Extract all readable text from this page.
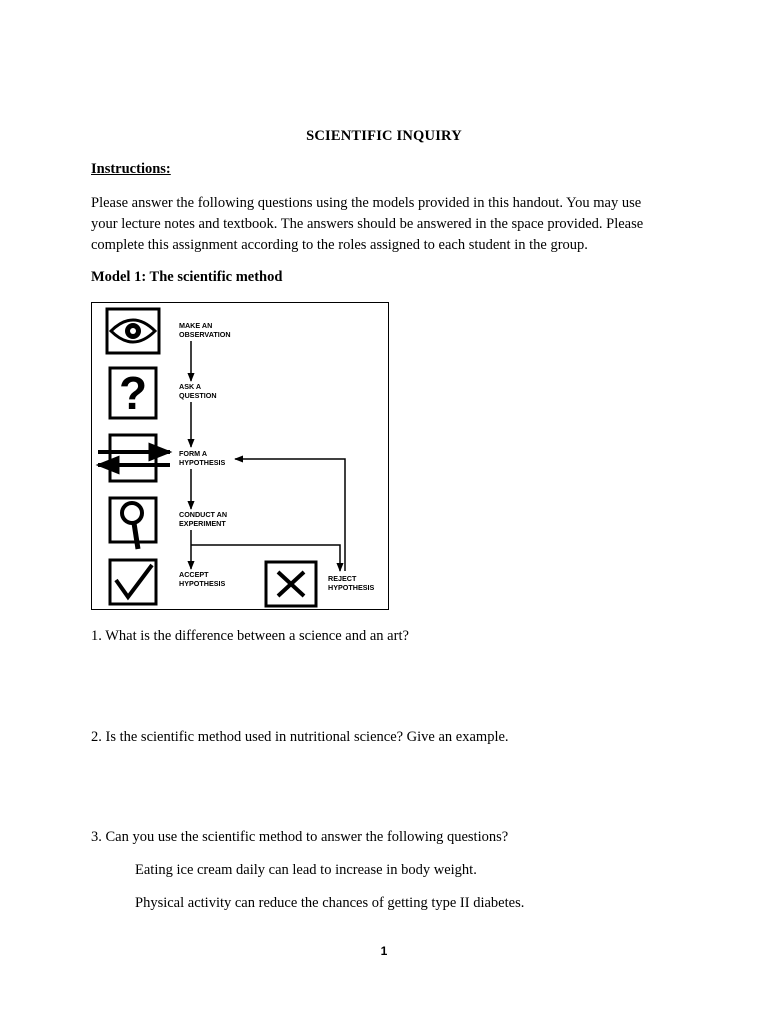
SCIENTIFIC INQUIRY
Instructions:
Please answer the following questions using the models provided in this handout. You may use
your lecture notes and textbook. The answers should be answered in the space provided. Please
complete this assignment according to the roles assigned to each student in the group.
Model 1: The scientific method
?
MAKE AN
OBSERVATION
ASK A
QUESTION
FORM A
HYPOTHESIS
CONDUCT AN
EXPERIMENT
ACCEPT
HYPOTHESIS
REJECT
HYPOTHESIS
1. What is the difference between a science and an art?
2. Is the scientific method used in nutritional science? Give an example.
3. Can you use the scientific method to answer the following questions?
Eating ice cream daily can lead to increase in body weight.
Physical activity can reduce the chances of getting type II diabetes.
1
